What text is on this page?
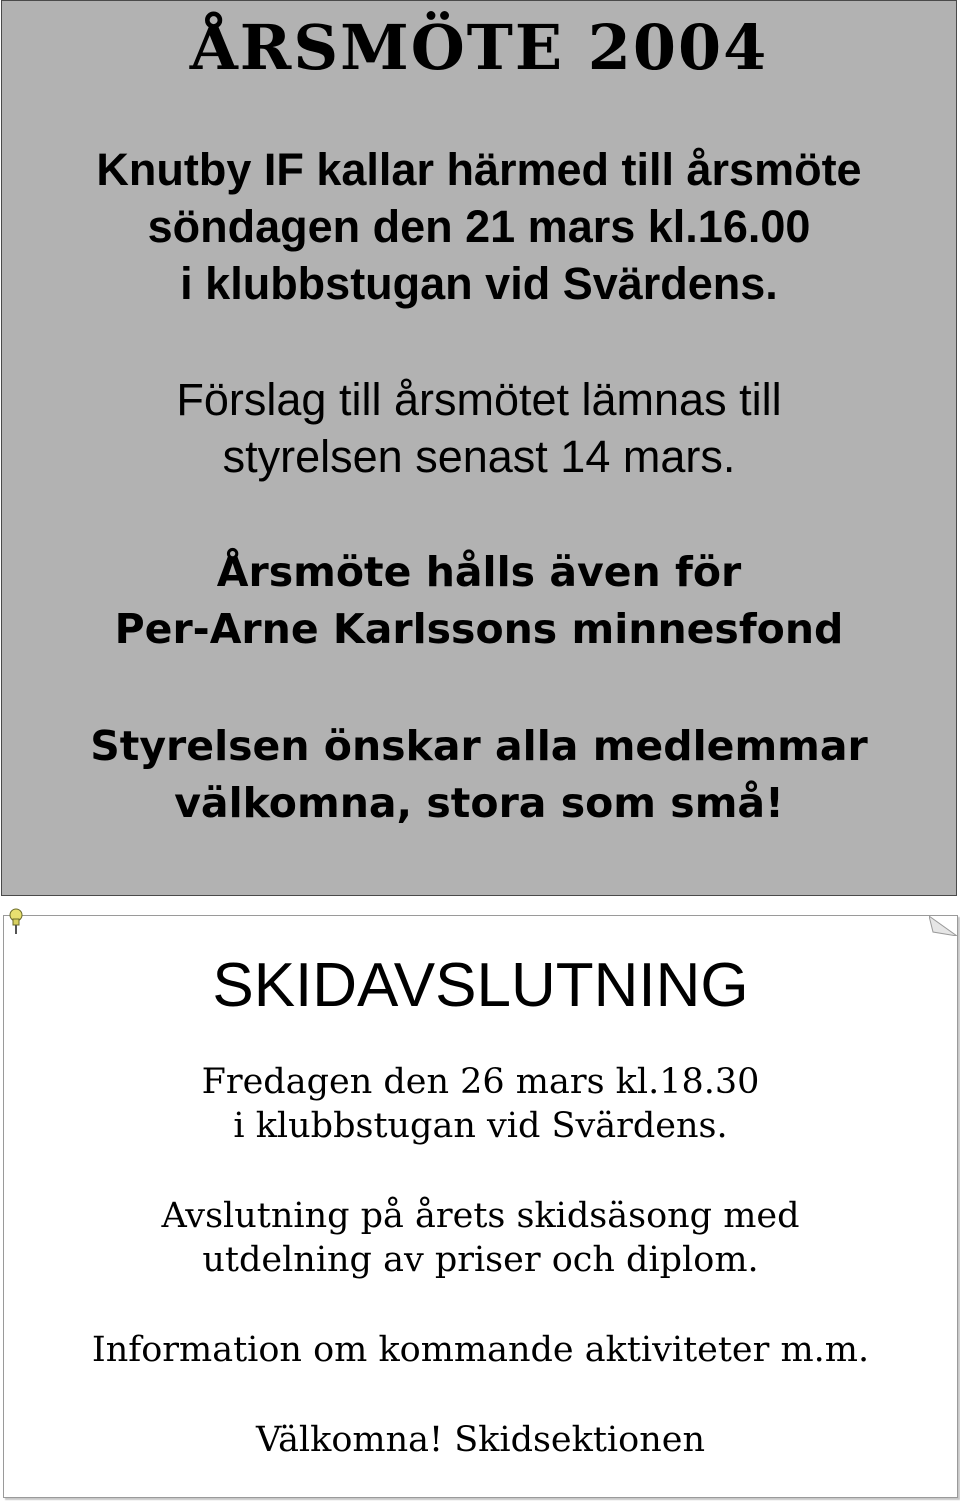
ÅRSMÖTE 2004
Knutby IF kallar härmed till årsmöte
söndagen den 21 mars kl.16.00
i klubbstugan vid Svärdens.
Förslag till årsmötet lämnas till
styrelsen senast 14 mars.
Årsmöte hålls även för
Per-Arne Karlssons minnesfond
Styrelsen önskar alla medlemmar
välkomna, stora som små!
SKIDAVSLUTNING
Fredagen den 26 mars kl.18.30
i klubbstugan vid Svärdens.
Avslutning på årets skidsäsong med
utdelning av priser och diplom.
Information om kommande aktiviteter m.m.
Välkomna! Skidsektionen
